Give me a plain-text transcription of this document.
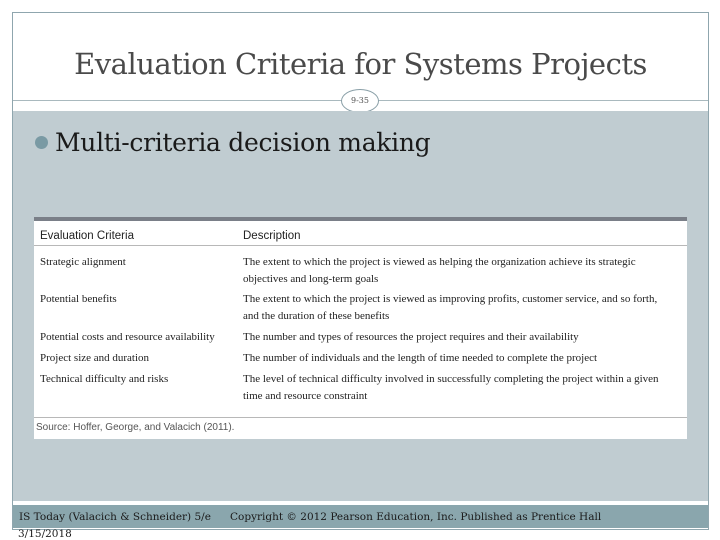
Evaluation Criteria for Systems Projects
9-35
Multi-criteria decision making
Evaluation Criteria	Description
Strategic alignment	The extent to which the project is viewed as helping the organization achieve its strategic
objectives and long-term goals
Potential benefits	The extent to which the project is viewed as improving profits, customer service, and so forth,
and the duration of these benefits
Potential costs and resource availability	The number and types of resources the project requires and their availability
Project size and duration	The number of individuals and the length of time needed to complete the project
Technical difficulty and risks	The level of technical difficulty involved in successfully completing the project within a given
time and resource constraint
Source: Hoffer, George, and Valacich (2011).
IS Today (Valacich & Schneider) 5/e Copyright © 2012 Pearson Education, Inc. Published as Prentice Hall
3/15/2018
